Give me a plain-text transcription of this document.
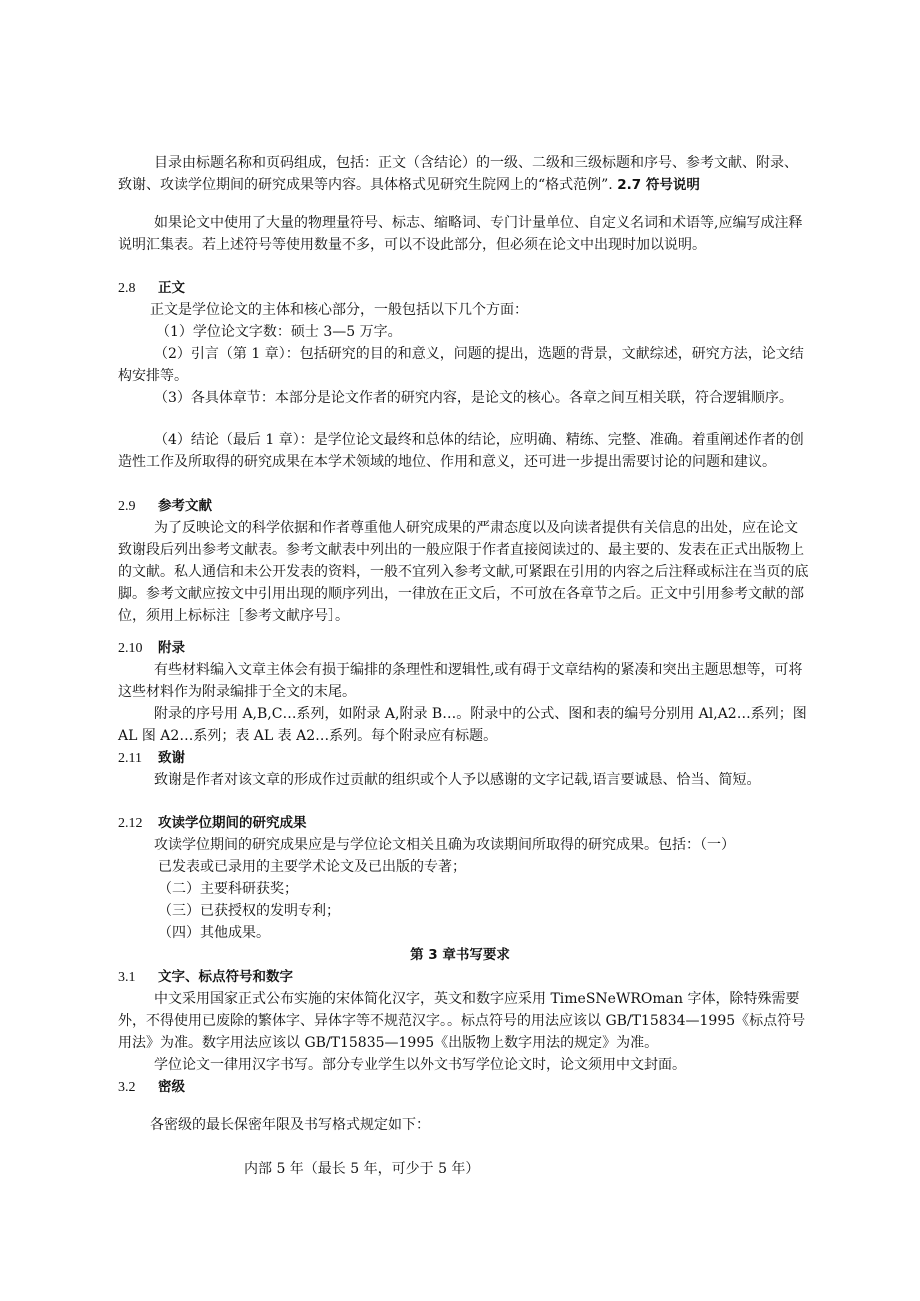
目录由标题名称和页码组成，包括：正文（含结论）的一级、二级和三级标题和序号、参考文献、附录、致谢、攻读学位期间的研究成果等内容。具体格式见研究生院网上的“格式范例”. 2.7 符号说明

如果论文中使用了大量的物理量符号、标志、缩略词、专门计量单位、自定义名词和术语等,应编写成注释说明汇集表。若上述符号等使用数量不多，可以不设此部分，但必须在论文中出现时加以说明。

2.8 正文

正文是学位论文的主体和核心部分，一般包括以下几个方面：

（1）学位论文字数：硕士 3—5 万字。

（2）引言（第 1 章）：包括研究的目的和意义，问题的提出，选题的背景，文献综述，研究方法，论文结构安排等。

（3）各具体章节：本部分是论文作者的研究内容，是论文的核心。各章之间互相关联，符合逻辑顺序。

（4）结论（最后 1 章）：是学位论文最终和总体的结论，应明确、精练、完整、准确。着重阐述作者的创造性工作及所取得的研究成果在本学术领域的地位、作用和意义，还可进一步提出需要讨论的问题和建议。

2.9 参考文献

为了反映论文的科学依据和作者尊重他人研究成果的严肃态度以及向读者提供有关信息的出处，应在论文致谢段后列出参考文献表。参考文献表中列出的一般应限于作者直接阅读过的、最主要的、发表在正式出版物上的文献。私人通信和未公开发表的资料，一般不宜列入参考文献,可紧跟在引用的内容之后注释或标注在当页的底脚。参考文献应按文中引用出现的顺序列出，一律放在正文后，不可放在各章节之后。正文中引用参考文献的部位，须用上标标注［参考文献序号］。

2.10 附录

有些材料编入文章主体会有损于编排的条理性和逻辑性,或有碍于文章结构的紧凑和突出主题思想等，可将这些材料作为附录编排于全文的末尾。

附录的序号用 A,B,C…系列，如附录 A,附录 B…。附录中的公式、图和表的编号分别用 Al,A2…系列；图 AL 图 A2…系列；表 AL 表 A2…系列。每个附录应有标题。

2.11 致谢

致谢是作者对该文章的形成作过贡献的组织或个人予以感谢的文字记载,语言要诚恳、恰当、简短。

2.12 攻读学位期间的研究成果

攻读学位期间的研究成果应是与学位论文相关且确为攻读期间所取得的研究成果。包括：（一）

已发表或已录用的主要学术论文及已出版的专著；

（二）主要科研获奖；

（三）已获授权的发明专利；

（四）其他成果。

第 3 章书写要求

3.1 文字、标点符号和数字

中文采用国家正式公布实施的宋体简化汉字，英文和数字应采用 TimeSNeWROman 字体，除特殊需要外，不得使用已废除的繁体字、异体字等不规范汉字。。标点符号的用法应该以 GB/T15834—1995《标点符号用法》为准。数字用法应该以 GB/T15835—1995《出版物上数字用法的规定》为准。

学位论文一律用汉字书写。部分专业学生以外文书写学位论文时，论文须用中文封面。

3.2 密级

各密级的最长保密年限及书写格式规定如下：

内部 5 年（最长 5 年，可少于 5 年）
